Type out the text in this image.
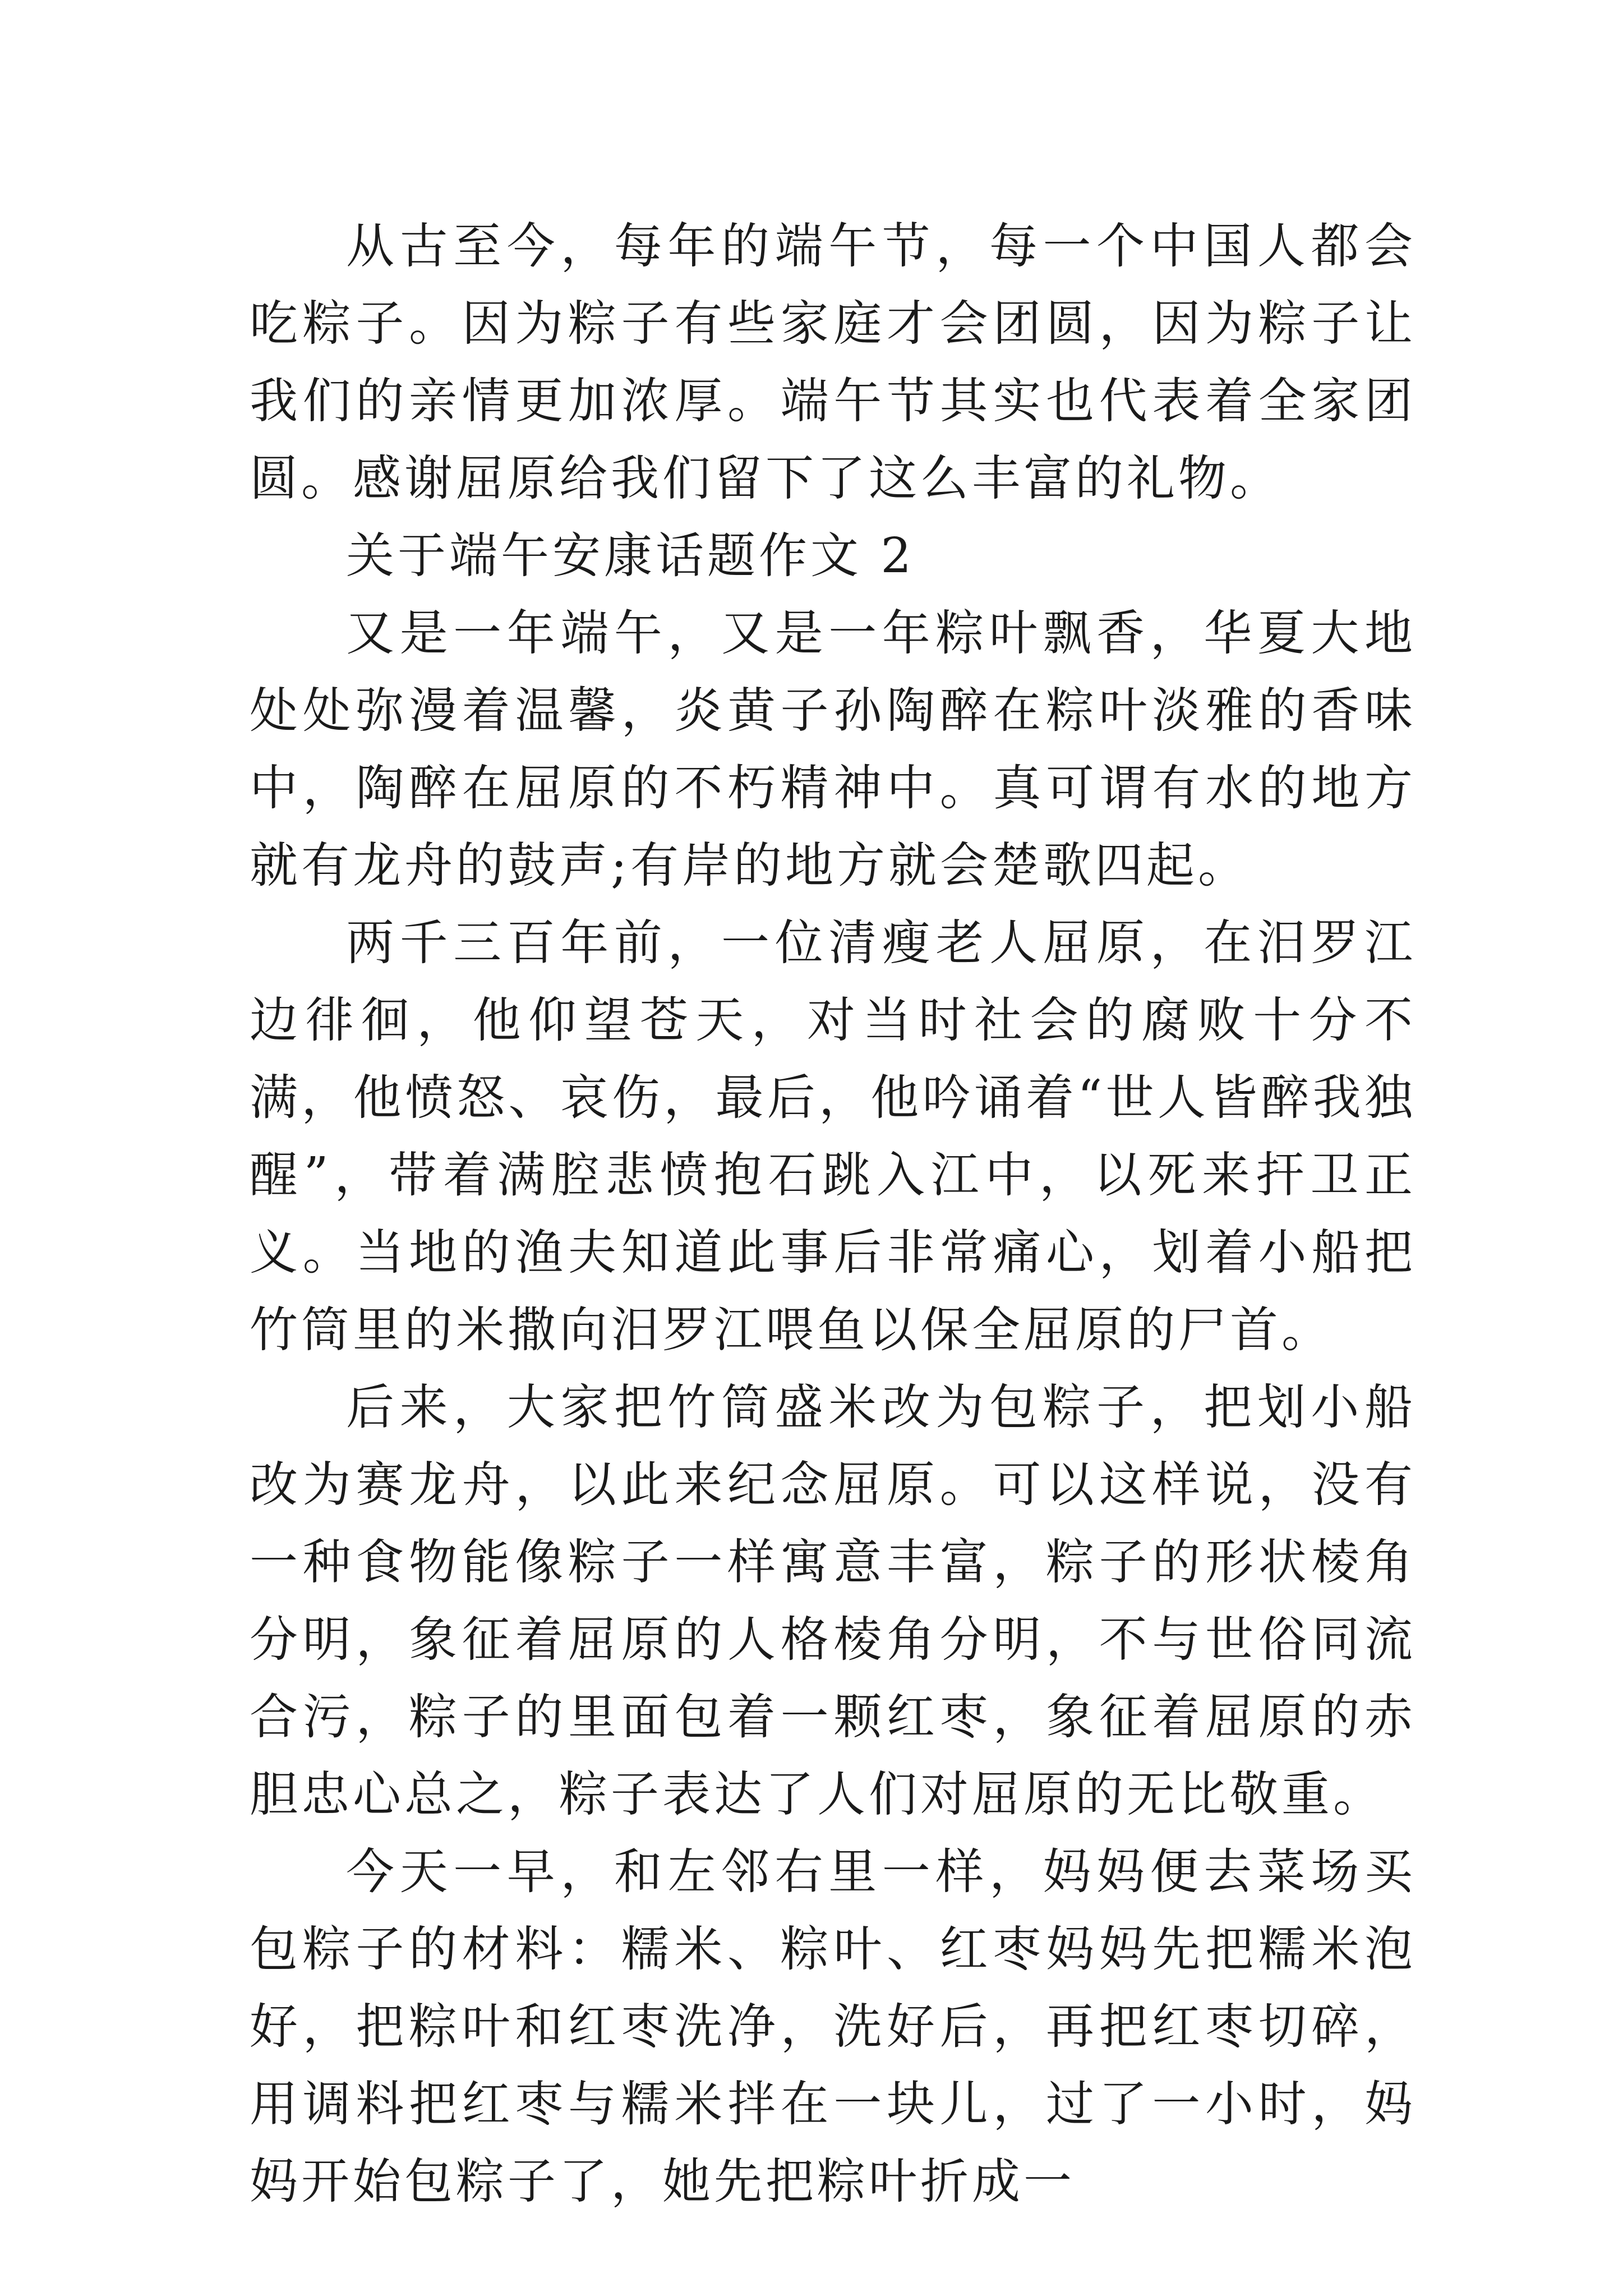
从古至今，每年的端午节，每一个中国人都会吃粽子。因为粽子有些家庭才会团圆，因为粽子让我们的亲情更加浓厚。端午节其实也代表着全家团圆。感谢屈原给我们留下了这么丰富的礼物。

关于端午安康话题作文 2

又是一年端午，又是一年粽叶飘香，华夏大地处处弥漫着温馨，炎黄子孙陶醉在粽叶淡雅的香味中，陶醉在屈原的不朽精神中。真可谓有水的地方就有龙舟的鼓声;有岸的地方就会楚歌四起。

两千三百年前，一位清瘦老人屈原，在汨罗江边徘徊，他仰望苍天，对当时社会的腐败十分不满，他愤怒、哀伤，最后，他吟诵着“世人皆醉我独醒”，带着满腔悲愤抱石跳入江中，以死来扞卫正义。当地的渔夫知道此事后非常痛心，划着小船把竹筒里的米撒向汨罗江喂鱼以保全屈原的尸首。

后来，大家把竹筒盛米改为包粽子，把划小船改为赛龙舟，以此来纪念屈原。可以这样说，没有一种食物能像粽子一样寓意丰富，粽子的形状棱角分明，象征着屈原的人格棱角分明，不与世俗同流合污，粽子的里面包着一颗红枣，象征着屈原的赤胆忠心总之，粽子表达了人们对屈原的无比敬重。

今天一早，和左邻右里一样，妈妈便去菜场买包粽子的材料：糯米、粽叶、红枣妈妈先把糯米泡好，把粽叶和红枣洗净，洗好后，再把红枣切碎，用调料把红枣与糯米拌在一块儿，过了一小时，妈妈开始包粽子了，她先把粽叶折成一
